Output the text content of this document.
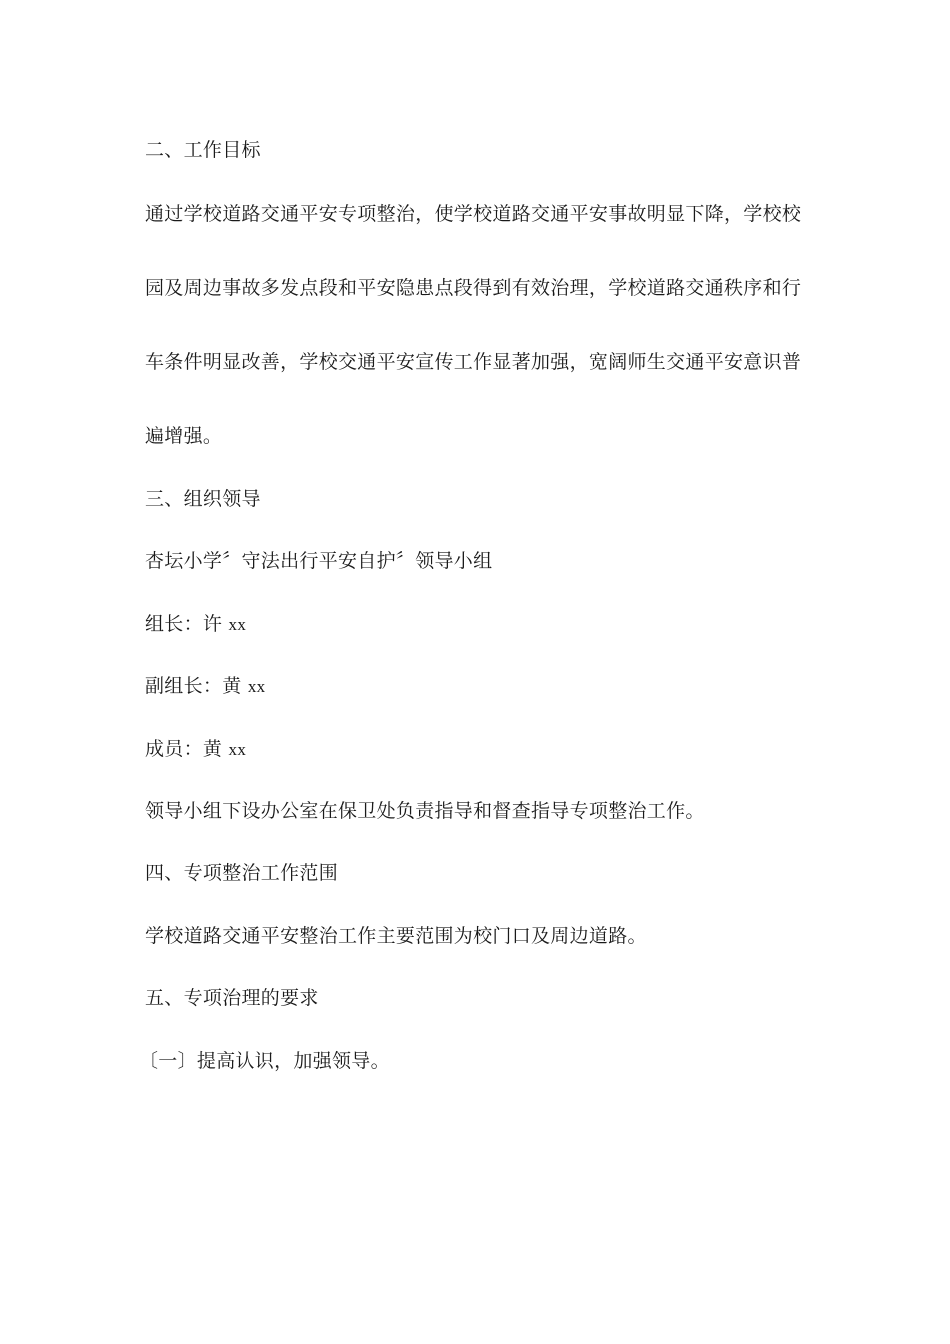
二、工作目标
通过学校道路交通平安专项整治，使学校道路交通平安事故明显下降，学校校
园及周边事故多发点段和平安隐患点段得到有效治理，学校道路交通秩序和行
车条件明显改善，学校交通平安宣传工作显著加强，宽阔师生交通平安意识普
遍增强。
三、组织领导
杏坛小学〞守法出行平安自护〞领导小组
组长：许 xx
副组长：黄 xx
成员：黄 xx
领导小组下设办公室在保卫处负责指导和督查指导专项整治工作。
四、专项整治工作范围
学校道路交通平安整治工作主要范围为校门口及周边道路。
五、专项治理的要求
〔一〕提高认识，加强领导。
